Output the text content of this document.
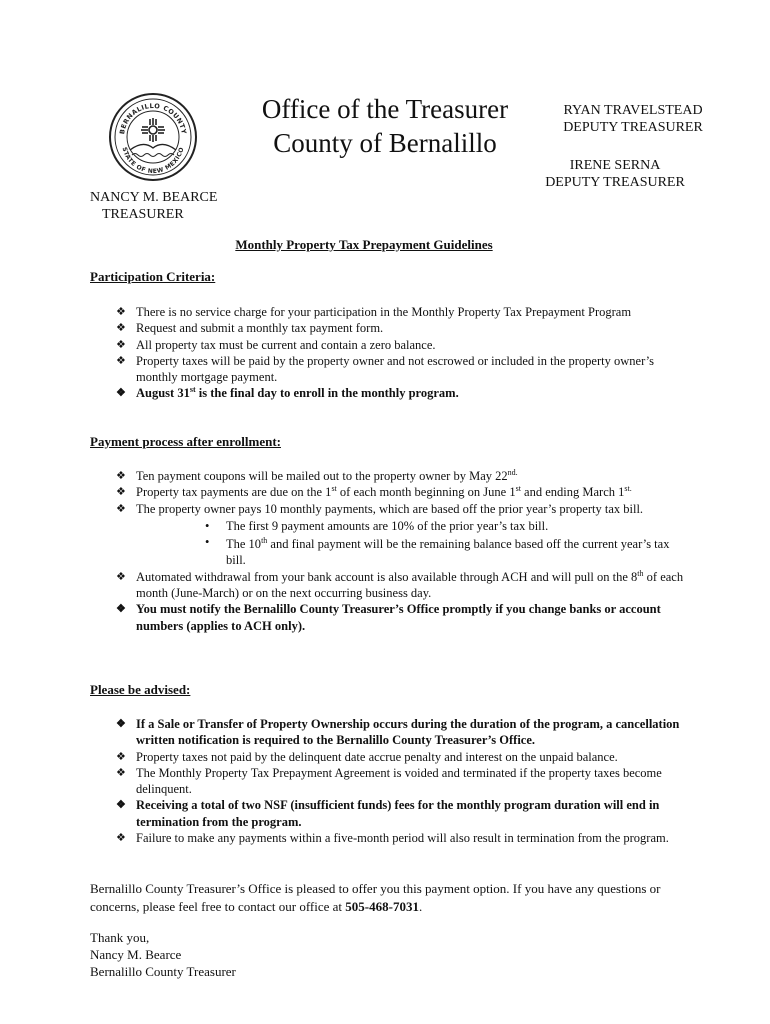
BERNALILLO COUNTY
STATE OF NEW MEXICO
Office of the Treasurer
County of Bernalillo
RYAN TRAVELSTEAD
DEPUTY TREASURER
IRENE SERNA
DEPUTY TREASURER
NANCY M. BEARCE
TREASURER
Monthly Property Tax Prepayment Guidelines
Participation Criteria:
❖ There is no service charge for your participation in the Monthly Property Tax Prepayment Program
❖ Request and submit a monthly tax payment form.
❖ All property tax must be current and contain a zero balance.
❖ Property taxes will be paid by the property owner and not escrowed or included in the property owner’s monthly mortgage payment.
❖ August 31st is the final day to enroll in the monthly program.
Payment process after enrollment:
❖ Ten payment coupons will be mailed out to the property owner by May $22^{nd.}$
❖ Property tax payments are due on the 1st of each month beginning on June 1st and ending March $1^{st.}$
❖ The property owner pays 10 monthly payments, which are based off the prior year’s property tax bill.
• The first 9 payment amounts are 10% of the prior year’s tax bill.
• The 10th and final payment will be the remaining balance based off the current year’s tax bill.
❖ Automated withdrawal from your bank account is also available through ACH and will pull on the 8th of each month (June-March) or on the next occurring business day.
❖ You must notify the Bernalillo County Treasurer’s Office promptly if you change banks or account numbers (applies to ACH only).
Please be advised:
❖ If a Sale or Transfer of Property Ownership occurs during the duration of the program, a cancellation written notification is required to the Bernalillo County Treasurer’s Office.
❖ Property taxes not paid by the delinquent date accrue penalty and interest on the unpaid balance.
❖ The Monthly Property Tax Prepayment Agreement is voided and terminated if the property taxes become delinquent.
❖ Receiving a total of two NSF (insufficient funds) fees for the monthly program duration will end in termination from the program.
❖ Failure to make any payments within a five-month period will also result in termination from the program.
Bernalillo County Treasurer’s Office is pleased to offer you this payment option. If you have any questions or concerns, please feel free to contact our office at 505-468-7031.
Thank you,
Nancy M. Bearce
Bernalillo County Treasurer
